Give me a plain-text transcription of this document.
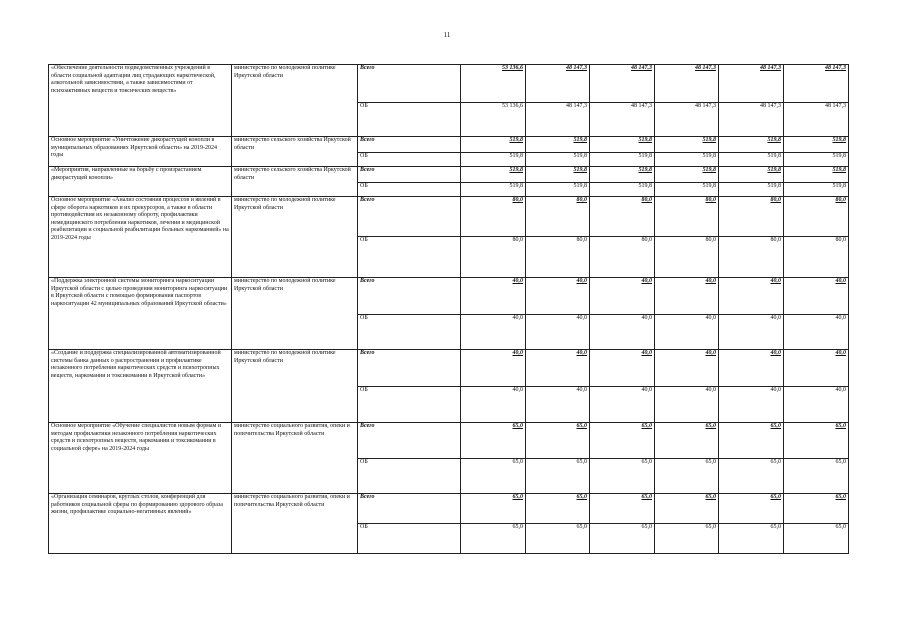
11
«Обеспечение деятельности подведомственных учреждений в области социальной адаптации лиц страдающих наркотической, алкогольной зависимостями, а также зависимостями от психоактивных веществ и токсических веществ»	министерство по молодежной политике Иркутской области	Всего	53 136,6	48 147,3	48 147,3	48 147,3	48 147,3	48 147,3
		ОБ	53 136,6	48 147,3	48 147,3	48 147,3	48 147,3	48 147,3
Основное мероприятие «Уничтожение дикорастущей конопли в муниципальных образованиях Иркутской области» на 2019-2024 годы	министерство сельского хозяйства Иркутской области	Всего	519,8	519,8	519,8	519,8	519,8	519,8
		ОБ	519,8	519,8	519,8	519,8	519,8	519,8
«Мероприятия, направленные на борьбу с произрастанием дикорастущей конопли»	министерство сельского хозяйства Иркутской области	Всего	519,8	519,8	519,8	519,8	519,8	519,8
		ОБ	519,8	519,8	519,8	519,8	519,8	519,8
Основное мероприятие «Анализ состояния процессов и явлений в сфере оборота наркотиков и их прекурсоров, а также в области противодействия их незаконному обороту, профилактики немедицинского потребления наркотиков, лечения и медицинской реабилитации и социальной реабилитации больных наркоманией» на 2019-2024 годы	министерство по молодежной политике Иркутской области	Всего	80,0	80,0	80,0	80,0	80,0	80,0
		ОБ	80,0	80,0	80,0	80,0	80,0	80,0
«Поддержка электронной системы мониторинга наркоситуации Иркутской области с целью проведения мониторинга наркоситуации в Иркутской области с помощью формирования паспортов наркоситуации 42 муниципальных образований Иркутской области»	министерство по молодежной политике Иркутской области	Всего	40,0	40,0	40,0	40,0	40,0	40,0
		ОБ	40,0	40,0	40,0	40,0	40,0	40,0
«Создание и поддержка специализированной автоматизированной системы банка данных о распространении и профилактике незаконного потребления наркотических средств и психотропных веществ, наркомании и токсикомании в Иркутской области»	министерство по молодежной политике Иркутской области	Всего	40,0	40,0	40,0	40,0	40,0	40,0
		ОБ	40,0	40,0	40,0	40,0	40,0	40,0
Основное мероприятие «Обучение специалистов новым формам и методам профилактики незаконного потребления наркотических средств и психотропных веществ, наркомании и токсикомании в социальной сфере» на 2019-2024 годы	министерство социального развития, опеки и попечительства Иркутской области	Всего	65,0	65,0	65,0	65,0	65,0	65,0
		ОБ	65,0	65,0	65,0	65,0	65,0	65,0
«Организация семинаров, круглых столов, конференций для работников социальной сферы по формированию здорового образа жизни, профилактике социально-негативных явлений»	министерство социального развития, опеки и попечительства Иркутской области	Всего	65,0	65,0	65,0	65,0	65,0	65,0
		ОБ	65,0	65,0	65,0	65,0	65,0	65,0
